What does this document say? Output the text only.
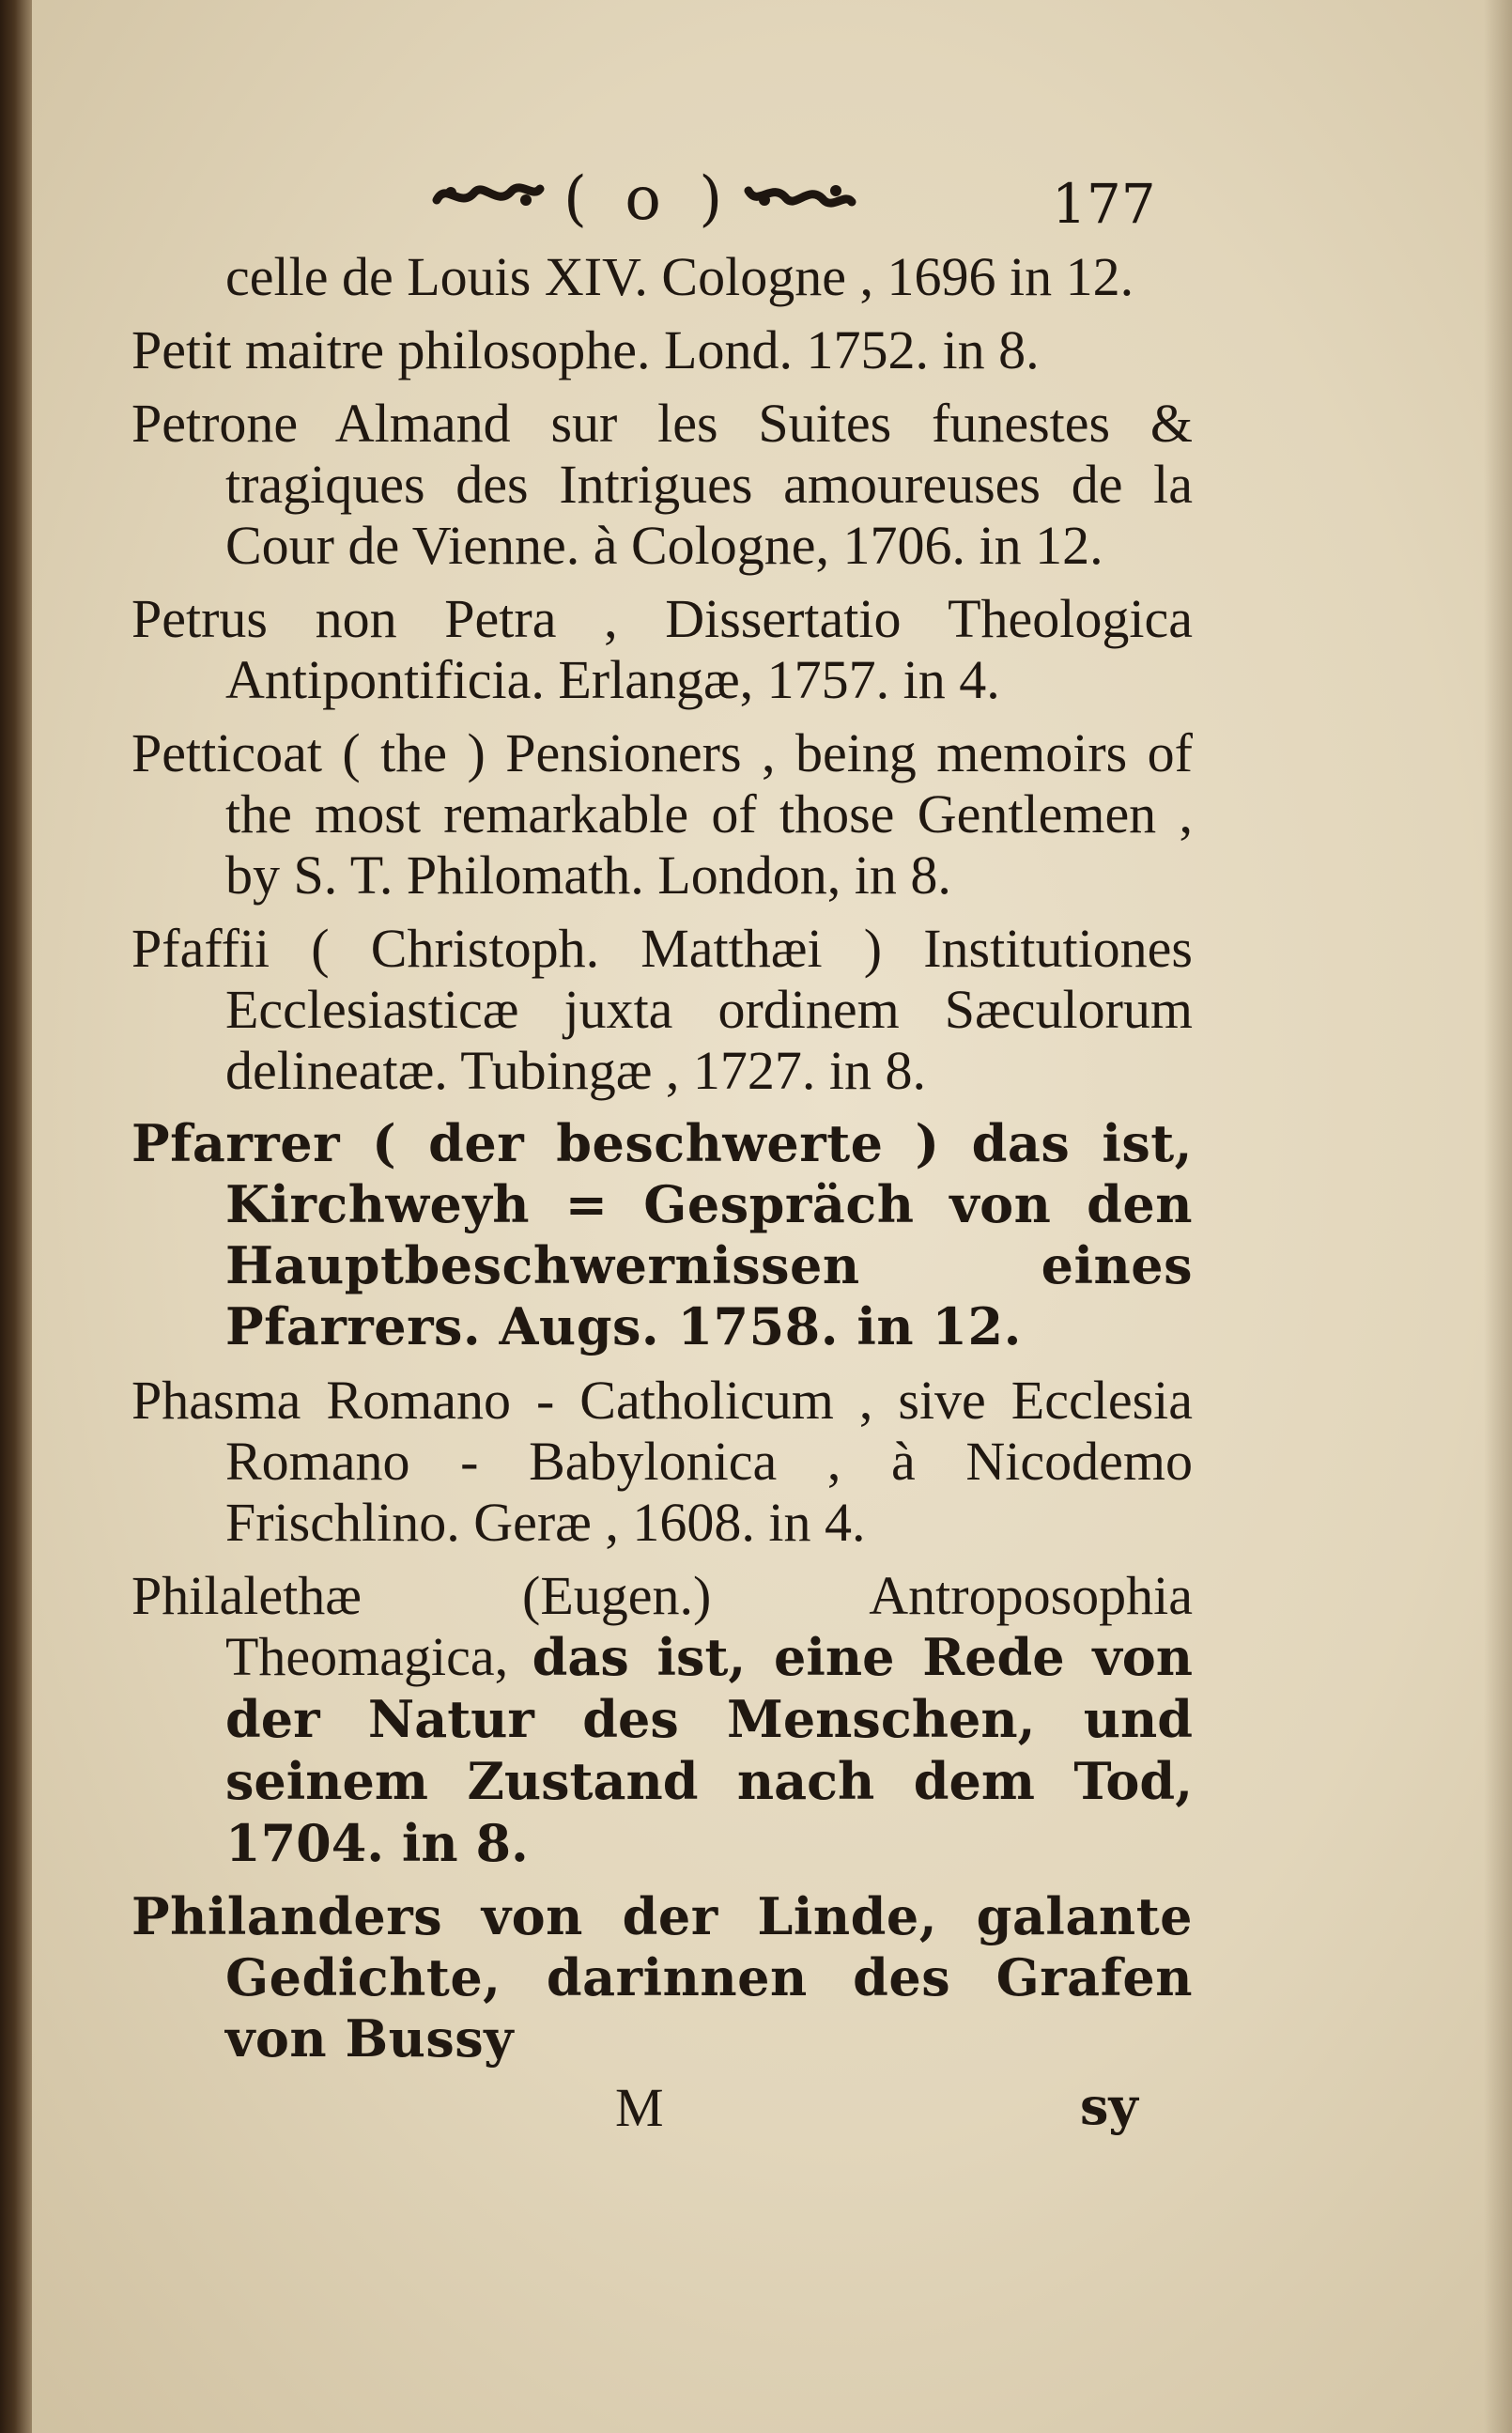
( o )	177

celle de Louis XIV. Cologne , 1696 in 12.

Petit maitre philosophe. Lond. 1752. in 8.

Petrone Almand sur les Suites funestes & tragiques des Intrigues amoureuses de la Cour de Vienne. à Cologne, 1706. in 12.

Petrus non Petra , Dissertatio Theologica Antipontificia. Erlangæ, 1757. in 4.

Petticoat ( the ) Pensioners , being memoirs of the most remarkable of those Gentlemen , by S. T. Philomath. London, in 8.

Pfaffii ( Christoph. Matthæi ) Institutiones Ecclesiasticæ juxta ordinem Sæculorum delineatæ. Tubingæ , 1727. in 8.

Pfarrer ( der beschwerte ) das ist, Kirchweyh = Gespräch von den Hauptbeschwernissen eines Pfarrers. Augs. 1758. in 12.

Phasma Romano - Catholicum , sive Ecclesia Romano - Babylonica , à Nicodemo Frischlino. Geræ , 1608. in 4.

Philalethæ (Eugen.) Antroposophia Theomagica, das ist, eine Rede von der Natur des Menschen, und seinem Zustand nach dem Tod, 1704. in 8.

Philanders von der Linde, galante Gedichte, darinnen des Grafen von Bussy

M	sy
